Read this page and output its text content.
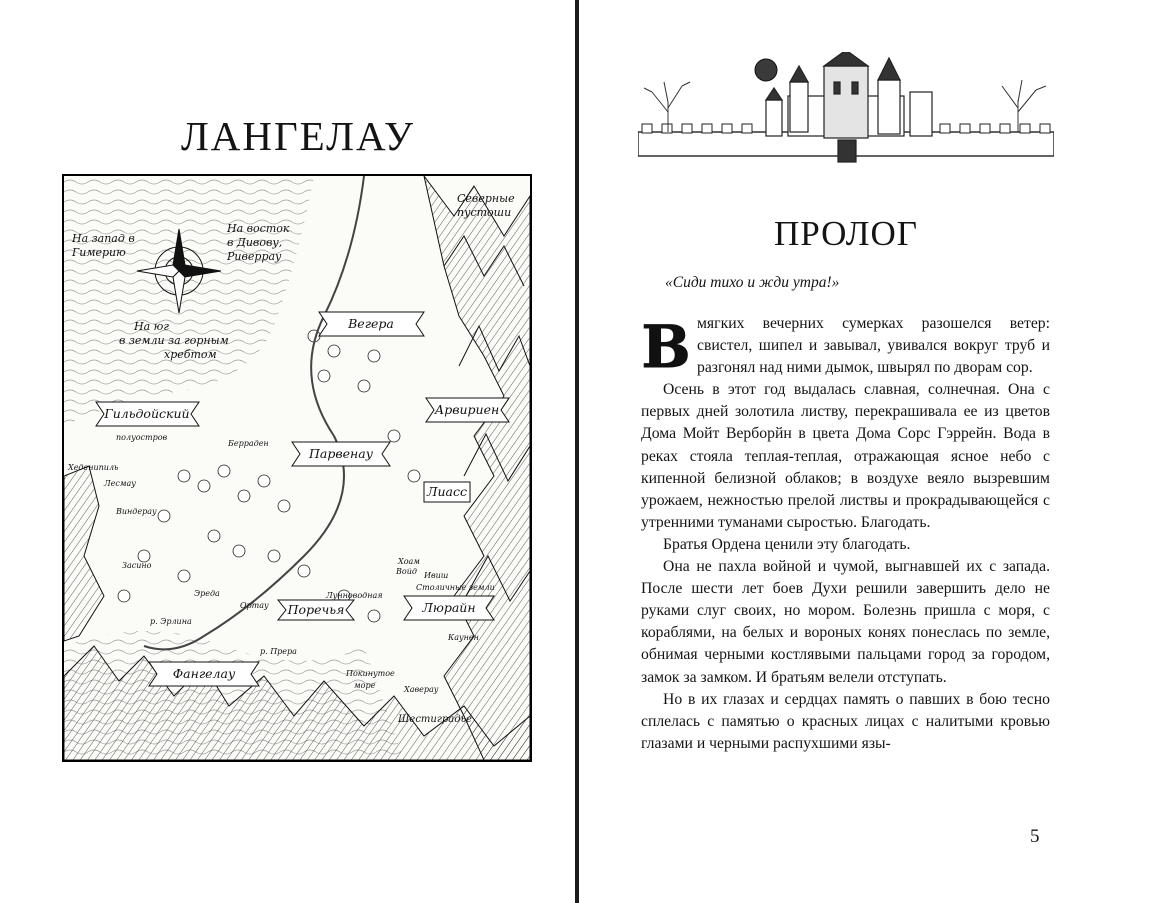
ЛАНГЕЛАУ
На запад в Гимерию
На восток в Дивову, Риверрау
На юг в земли за горным хребтом
Северные пустоши
Вегера
Арвириен
Гильдойский
Парвенау
Лиасс
Люрайн
Поречья
Фангелау
полуостров
Берраден
Хеденипиль
Лесмау
Виндерау
Хоам
Ивиш
Столичные земли
Войд
Засино
Эреда
Ортау
Лунноводная
р. Эрлина
р. Прера
Покинутое
море	Хаверау
Каунен
Шестиградье
ПРОЛОГ
«Сиди тихо и жди утра!»

В мягких вечерних сумерках разошелся ветер: свистел, шипел и завывал, увивался вокруг труб и разгонял над ними дымок, швырял по дворам сор.

Осень в этот год выдалась славная, солнечная. Она с первых дней золотила листву, перекрашивала ее из цветов Дома Мойт Верборйн в цвета Дома Сорс Гэррейн. Вода в реках стояла теплая-теплая, отражающая ясное небо с кипенной белизной облаков; в воздухе веяло вызревшим урожаем, нежностью прелой листвы и прокрадывающейся с утренними туманами сыростью. Благодать.

Братья Ордена ценили эту благодать.

Она не пахла войной и чумой, выгнавшей их с запада. После шести лет боев Духи решили завершить дело не руками слуг своих, но мором. Болезнь пришла с моря, с кораблями, на белых и вороных конях понеслась по земле, обнимая черными костлявыми пальцами город за городом, замок за замком. И братьям велели отступать.

Но в их глазах и сердцах память о павших в бою тесно сплелась с памятью о красных лицах с налитыми кровью глазами и черными распухшими язы-

5
